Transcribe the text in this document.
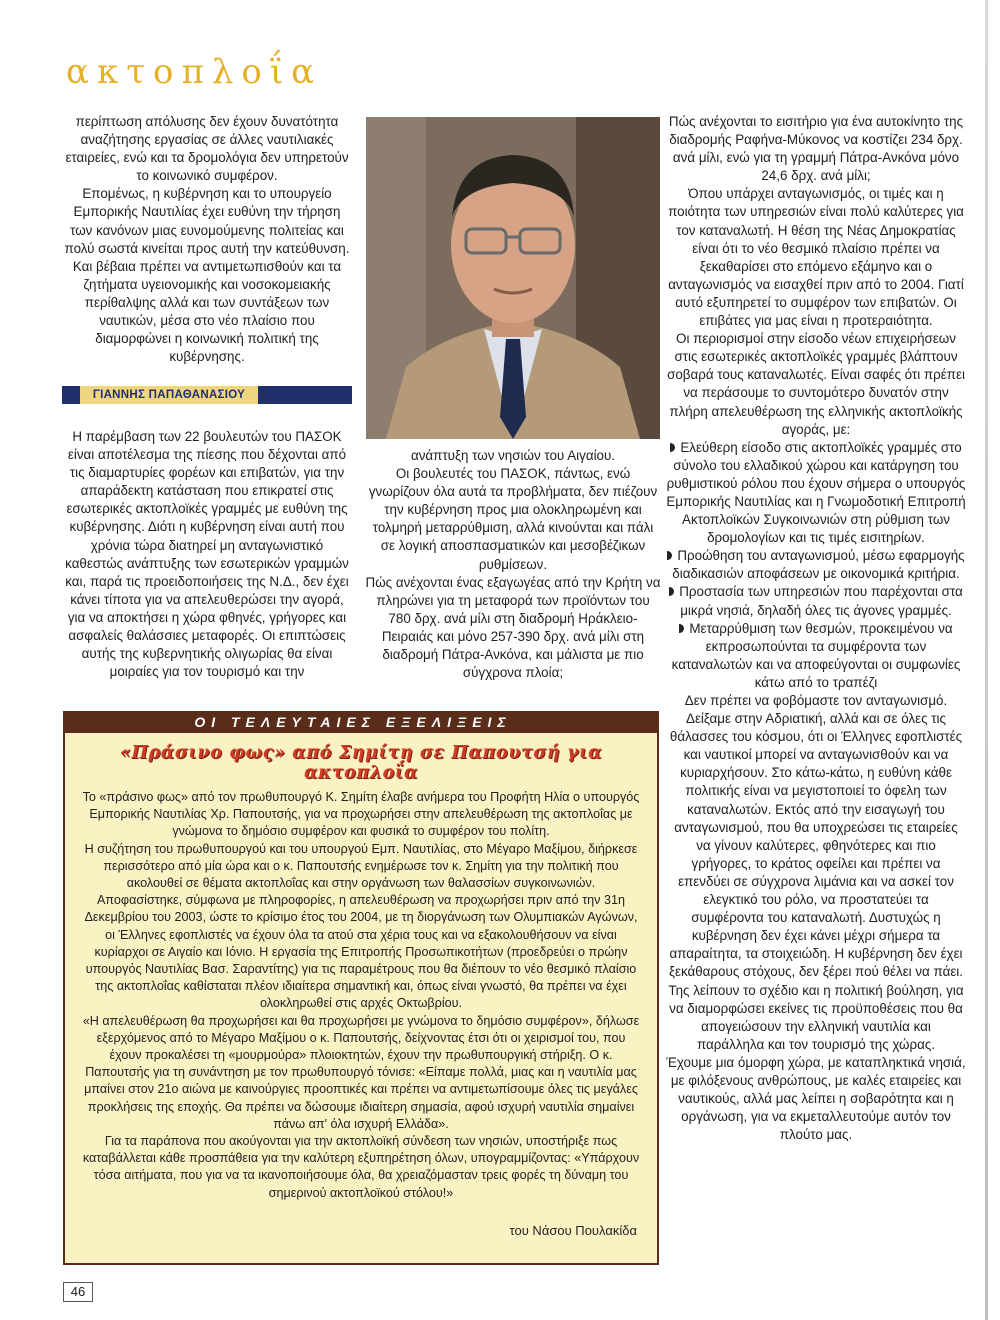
ακτοπλοΐα

περίπτωση απόλυσης δεν έχουν δυνατότητα αναζήτησης εργασίας σε άλλες ναυτιλιακές εταιρείες, ενώ και τα δρομολόγια δεν υπηρετούν το κοινωνικό συμφέρον.

Επομένως, η κυβέρνηση και το υπουργείο Εμπορικής Ναυτιλίας έχει ευθύνη την τήρηση των κανόνων μιας ευνομούμενης πολιτείας και πολύ σωστά κινείται προς αυτή την κατεύθυνση.

Και βέβαια πρέπει να αντιμετωπισθούν και τα ζητήματα υγειονομικής και νοσοκομειακής περίθαλψης αλλά και των συντάξεων των ναυτικών, μέσα στο νέο πλαίσιο που διαμορφώνει η κοινωνική πολιτική της κυβέρνησης.

ΓΙΑΝΝΗΣ ΠΑΠΑΘΑΝΑΣΙΟΥ

Η παρέμβαση των 22 βουλευτών του ΠΑΣΟΚ είναι αποτέλεσμα της πίεσης που δέχονται από τις διαμαρτυρίες φορέων και επιβατών, για την απαράδεκτη κατάσταση που επικρατεί στις εσωτερικές ακτοπλοϊκές γραμμές με ευθύνη της κυβέρνησης. Διότι η κυβέρνηση είναι αυτή που χρόνια τώρα διατηρεί μη ανταγωνιστικό καθεστώς ανάπτυξης των εσωτερικών γραμμών και, παρά τις προειδοποιήσεις της Ν.Δ., δεν έχει κάνει τίποτα για να απελευθερώσει την αγορά, για να αποκτήσει η χώρα φθηνές, γρήγορες και ασφαλείς θαλάσσιες μεταφορές. Οι επιπτώσεις αυτής της κυβερνητικής ολιγωρίας θα είναι μοιραίες για τον τουρισμό και την

ανάπτυξη των νησιών του Αιγαίου.

Οι βουλευτές του ΠΑΣΟΚ, πάντως, ενώ γνωρίζουν όλα αυτά τα προβλήματα, δεν πιέζουν την κυβέρνηση προς μια ολοκληρωμένη και τολμηρή μεταρρύθμιση, αλλά κινούνται και πάλι σε λογική αποσπασματικών και μεσοβέζικων ρυθμίσεων.

Πώς ανέχονται ένας εξαγωγέας από την Κρήτη να πληρώνει για τη μεταφορά των προϊόντων του 780 δρχ. ανά μίλι στη διαδρομή Ηράκλειο-Πειραιάς και μόνο 257-390 δρχ. ανά μίλι στη διαδρομή Πάτρα-Ανκόνα, και μάλιστα με πιο σύγχρονα πλοία;

Πώς ανέχονται το εισιτήριο για ένα αυτοκίνητο της διαδρομής Ραφήνα-Μύκονος να κοστίζει 234 δρχ. ανά μίλι, ενώ για τη γραμμή Πάτρα-Ανκόνα μόνο 24,6 δρχ. ανά μίλι;

Όπου υπάρχει ανταγωνισμός, οι τιμές και η ποιότητα των υπηρεσιών είναι πολύ καλύτερες για τον καταναλωτή. Η θέση της Νέας Δημοκρατίας είναι ότι το νέο θεσμικό πλαίσιο πρέπει να ξεκαθαρίσει στο επόμενο εξάμηνο και ο ανταγωνισμός να εισαχθεί πριν από το 2004. Γιατί αυτό εξυπηρετεί το συμφέρον των επιβατών. Οι επιβάτες για μας είναι η προτεραιότητα.

Οι περιορισμοί στην είσοδο νέων επιχειρήσεων στις εσωτερικές ακτοπλοϊκές γραμμές βλάπτουν σοβαρά τους καταναλωτές. Είναι σαφές ότι πρέπει να περάσουμε το συντομότερο δυνατόν στην πλήρη απελευθέρωση της ελληνικής ακτοπλοϊκής αγοράς, με:

Ελεύθερη είσοδο στις ακτοπλοϊκές γραμμές στο σύνολο του ελλαδικού χώρου και κατάργηση του ρυθμιστικού ρόλου που έχουν σήμερα ο υπουργός Εμπορικής Ναυτιλίας και η Γνωμοδοτική Επιτροπή Ακτοπλοϊκών Συγκοινωνιών στη ρύθμιση των δρομολογίων και τις τιμές εισιτηρίων.

Προώθηση του ανταγωνισμού, μέσω εφαρμογής διαδικασιών αποφάσεων με οικονομικά κριτήρια.

Προστασία των υπηρεσιών που παρέχονται στα μικρά νησιά, δηλαδή όλες τις άγονες γραμμές.

Μεταρρύθμιση των θεσμών, προκειμένου να εκπροσωπούνται τα συμφέροντα των καταναλωτών και να αποφεύγονται οι συμφωνίες κάτω από το τραπέζι

Δεν πρέπει να φοβόμαστε τον ανταγωνισμό. Δείξαμε στην Αδριατική, αλλά και σε όλες τις θάλασσες του κόσμου, ότι οι Έλληνες εφοπλιστές και ναυτικοί μπορεί να ανταγωνισθούν και να κυριαρχήσουν. Στο κάτω-κάτω, η ευθύνη κάθε πολιτικής είναι να μεγιστοποιεί το όφελη των καταναλωτών. Εκτός από την εισαγωγή του ανταγωνισμού, που θα υποχρεώσει τις εταιρείες να γίνουν καλύτερες, φθηνότερες και πιο γρήγορες, το κράτος οφείλει και πρέπει να επενδύει σε σύγχρονα λιμάνια και να ασκεί τον ελεγκτικό του ρόλο, να προστατεύει τα συμφέροντα του καταναλωτή. Δυστυχώς η κυβέρνηση δεν έχει κάνει μέχρι σήμερα τα απαραίτητα, τα στοιχειώδη. Η κυβέρνηση δεν έχει ξεκάθαρους στόχους, δεν ξέρει πού θέλει να πάει. Της λείπουν το σχέδιο και η πολιτική βούληση, για να διαμορφώσει εκείνες τις προϋποθέσεις που θα απογειώσουν την ελληνική ναυτιλία και παράλληλα και τον τουρισμό της χώρας.

Έχουμε μια όμορφη χώρα, με καταπληκτικά νησιά, με φιλόξενους ανθρώπους, με καλές εταιρείες και ναυτικούς, αλλά μας λείπει η σοβαρότητα και η οργάνωση, για να εκμεταλλευτούμε αυτόν τον πλούτο μας.

ΟΙ ΤΕΛΕΥΤΑΙΕΣ ΕΞΕΛΙΞΕΙΣ
«Πράσινο φως» από Σημίτη σε Παπουτσή για ακτοπλοΐα

Το «πράσινο φως» από τον πρωθυπουργό Κ. Σημίτη έλαβε ανήμερα του Προφήτη Ηλία ο υπουργός Εμπορικής Ναυτιλίας Χρ. Παπουτσής, για να προχωρήσει στην απελευθέρωση της ακτοπλοΐας με γνώμονα το δημόσιο συμφέρον και φυσικά το συμφέρον του πολίτη.

Η συζήτηση του πρωθυπουργού και του υπουργού Εμπ. Ναυτιλίας, στο Μέγαρο Μαξίμου, διήρκεσε περισσότερο από μία ώρα και ο κ. Παπουτσής ενημέρωσε τον κ. Σημίτη για την πολιτική που ακολουθεί σε θέματα ακτοπλοΐας και στην οργάνωση των θαλασσίων συγκοινωνιών.

Αποφασίστηκε, σύμφωνα με πληροφορίες, η απελευθέρωση να προχωρήσει πριν από την 31η Δεκεμβρίου του 2003, ώστε το κρίσιμο έτος του 2004, με τη διοργάνωση των Ολυμπιακών Αγώνων, οι Έλληνες εφοπλιστές να έχουν όλα τα ατού στα χέρια τους και να εξακολουθήσουν να είναι κυρίαρχοι σε Αιγαίο και Ιόνιο. Η εργασία της Επιτροπής Προσωπικοτήτων (προεδρεύει ο πρώην υπουργός Ναυτιλίας Βασ. Σαραντίτης) για τις παραμέτρους που θα διέπουν το νέο θεσμικό πλαίσιο της ακτοπλοΐας καθίσταται πλέον ιδιαίτερα σημαντική και, όπως είναι γνωστό, θα πρέπει να έχει ολοκληρωθεί στις αρχές Οκτωβρίου.

«Η απελευθέρωση θα προχωρήσει και θα προχωρήσει με γνώμονα το δημόσιο συμφέρον», δήλωσε εξερχόμενος από το Μέγαρο Μαξίμου ο κ. Παπουτσής, δείχνοντας έτσι ότι οι χειρισμοί του, που έχουν προκαλέσει τη «μουρμούρα» πλοιοκτητών, έχουν την πρωθυπουργική στήριξη. Ο κ. Παπουτσής για τη συνάντηση με τον πρωθυπουργό τόνισε: «Είπαμε πολλά, μιας και η ναυτιλία μας μπαίνει στον 21ο αιώνα με καινούργιες προοπτικές και πρέπει να αντιμετωπίσουμε όλες τις μεγάλες προκλήσεις της εποχής. Θα πρέπει να δώσουμε ιδιαίτερη σημασία, αφού ισχυρή ναυτιλία σημαίνει πάνω απ' όλα ισχυρή Ελλάδα».

Για τα παράπονα που ακούγονται για την ακτοπλοϊκή σύνδεση των νησιών, υποστήριξε πως καταβάλλεται κάθε προσπάθεια για την καλύτερη εξυπηρέτηση όλων, υπογραμμίζοντας: «Υπάρχουν τόσα αιτήματα, που για να τα ικανοποιήσουμε όλα, θα χρειαζόμασταν τρεις φορές τη δύναμη του σημερινού ακτοπλοϊκού στόλου!»

του Νάσου Πουλακίδα
46
